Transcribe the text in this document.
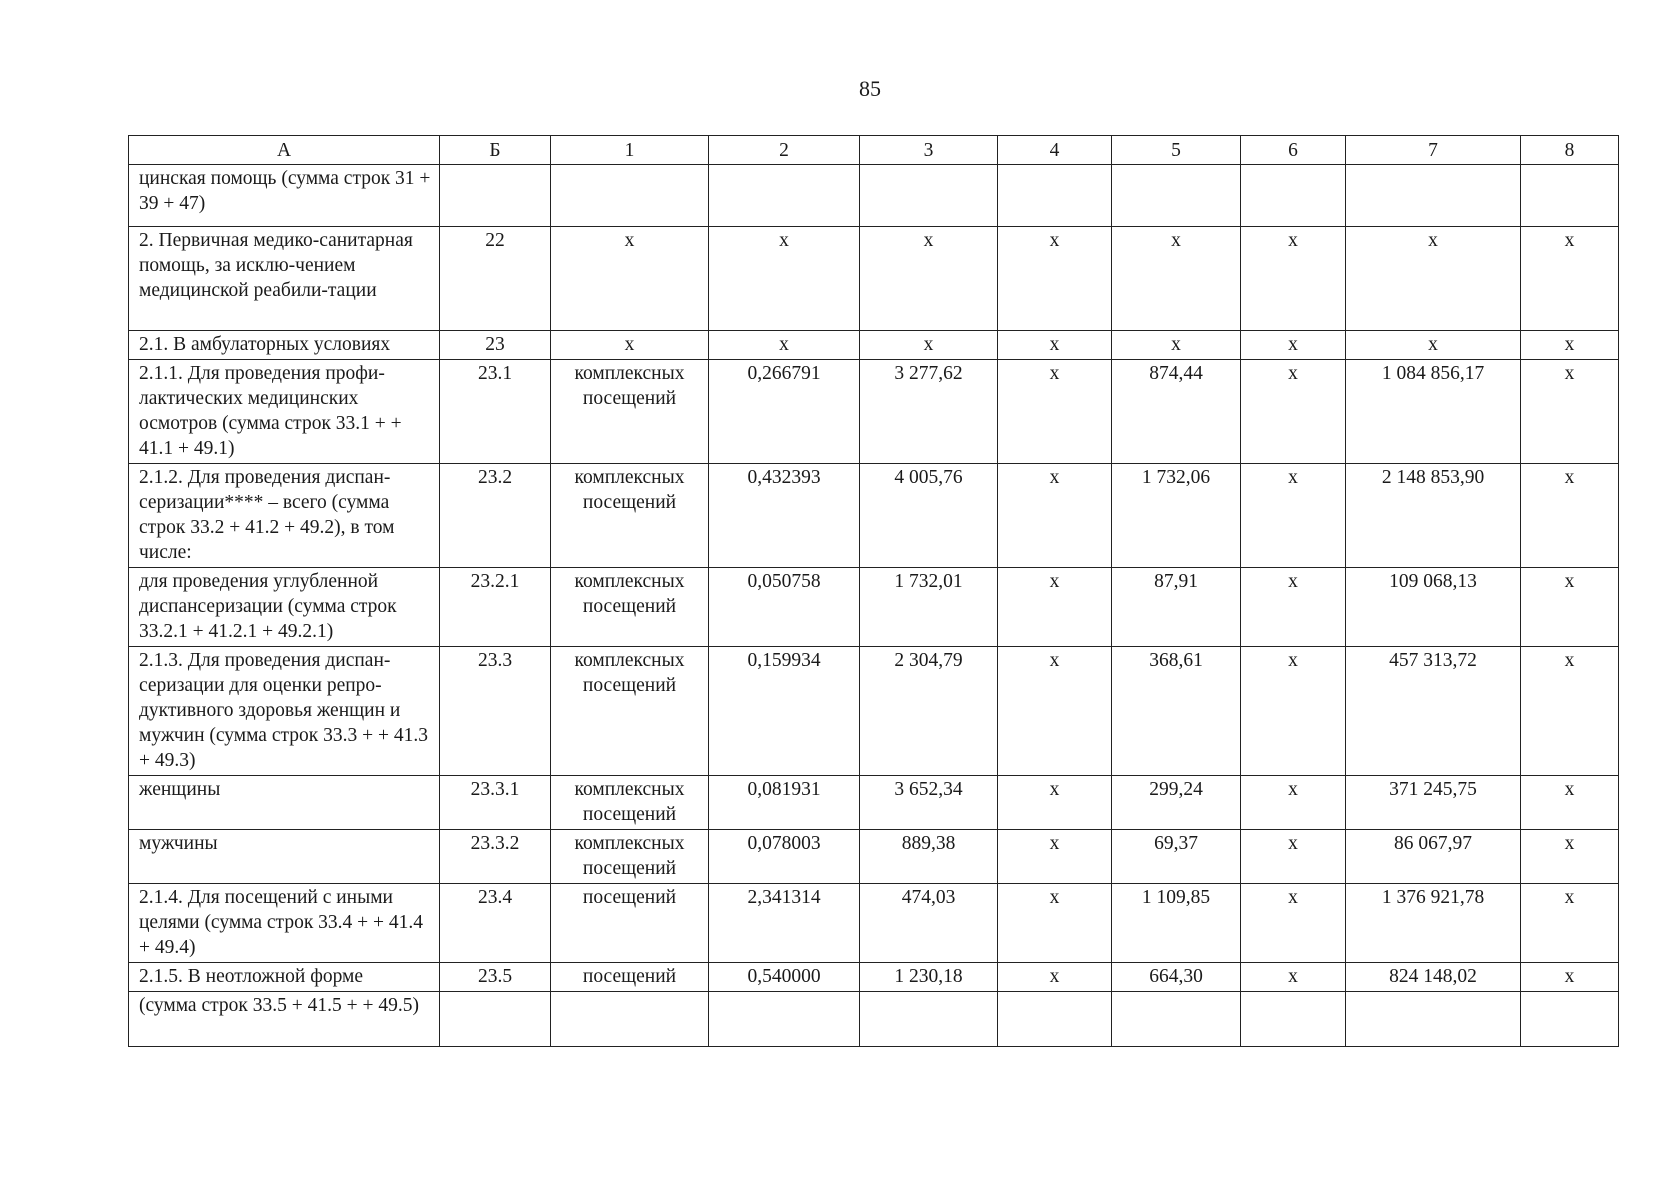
85
А	Б	1	2	3	4	5	6	7	8
цинская помощь (сумма строк 31 + 39 + 47)									
2. Первичная медико-санитарная помощь, за исклю-чением медицинской реабили-тации	22	х	х	х	х	х	х	х	х
2.1. В амбулаторных условиях	23	х	х	х	х	х	х	х	х
2.1.1. Для проведения профи-лактических медицинских осмотров (сумма строк 33.1 + + 41.1 + 49.1)	23.1	комплексных посещений	0,266791	3 277,62	х	874,44	х	1 084 856,17	х
2.1.2. Для проведения диспан-серизации**** – всего (сумма строк 33.2 + 41.2 + 49.2), в том числе:	23.2	комплексных посещений	0,432393	4 005,76	х	1 732,06	х	2 148 853,90	х
для проведения углубленной диспансеризации (сумма строк 33.2.1 + 41.2.1 + 49.2.1)	23.2.1	комплексных посещений	0,050758	1 732,01	х	87,91	х	109 068,13	х
2.1.3. Для проведения диспан-серизации для оценки репро-дуктивного здоровья женщин и мужчин (сумма строк 33.3 + + 41.3 + 49.3)	23.3	комплексных посещений	0,159934	2 304,79	х	368,61	х	457 313,72	х
женщины	23.3.1	комплексных посещений	0,081931	3 652,34	х	299,24	х	371 245,75	х
мужчины	23.3.2	комплексных посещений	0,078003	889,38	х	69,37	х	86 067,97	х
2.1.4. Для посещений с иными целями (сумма строк 33.4 + + 41.4 + 49.4)	23.4	посещений	2,341314	474,03	х	1 109,85	х	1 376 921,78	х
2.1.5. В неотложной форме	23.5	посещений	0,540000	1 230,18	х	664,30	х	824 148,02	х
(сумма строк 33.5 + 41.5 + + 49.5)									
